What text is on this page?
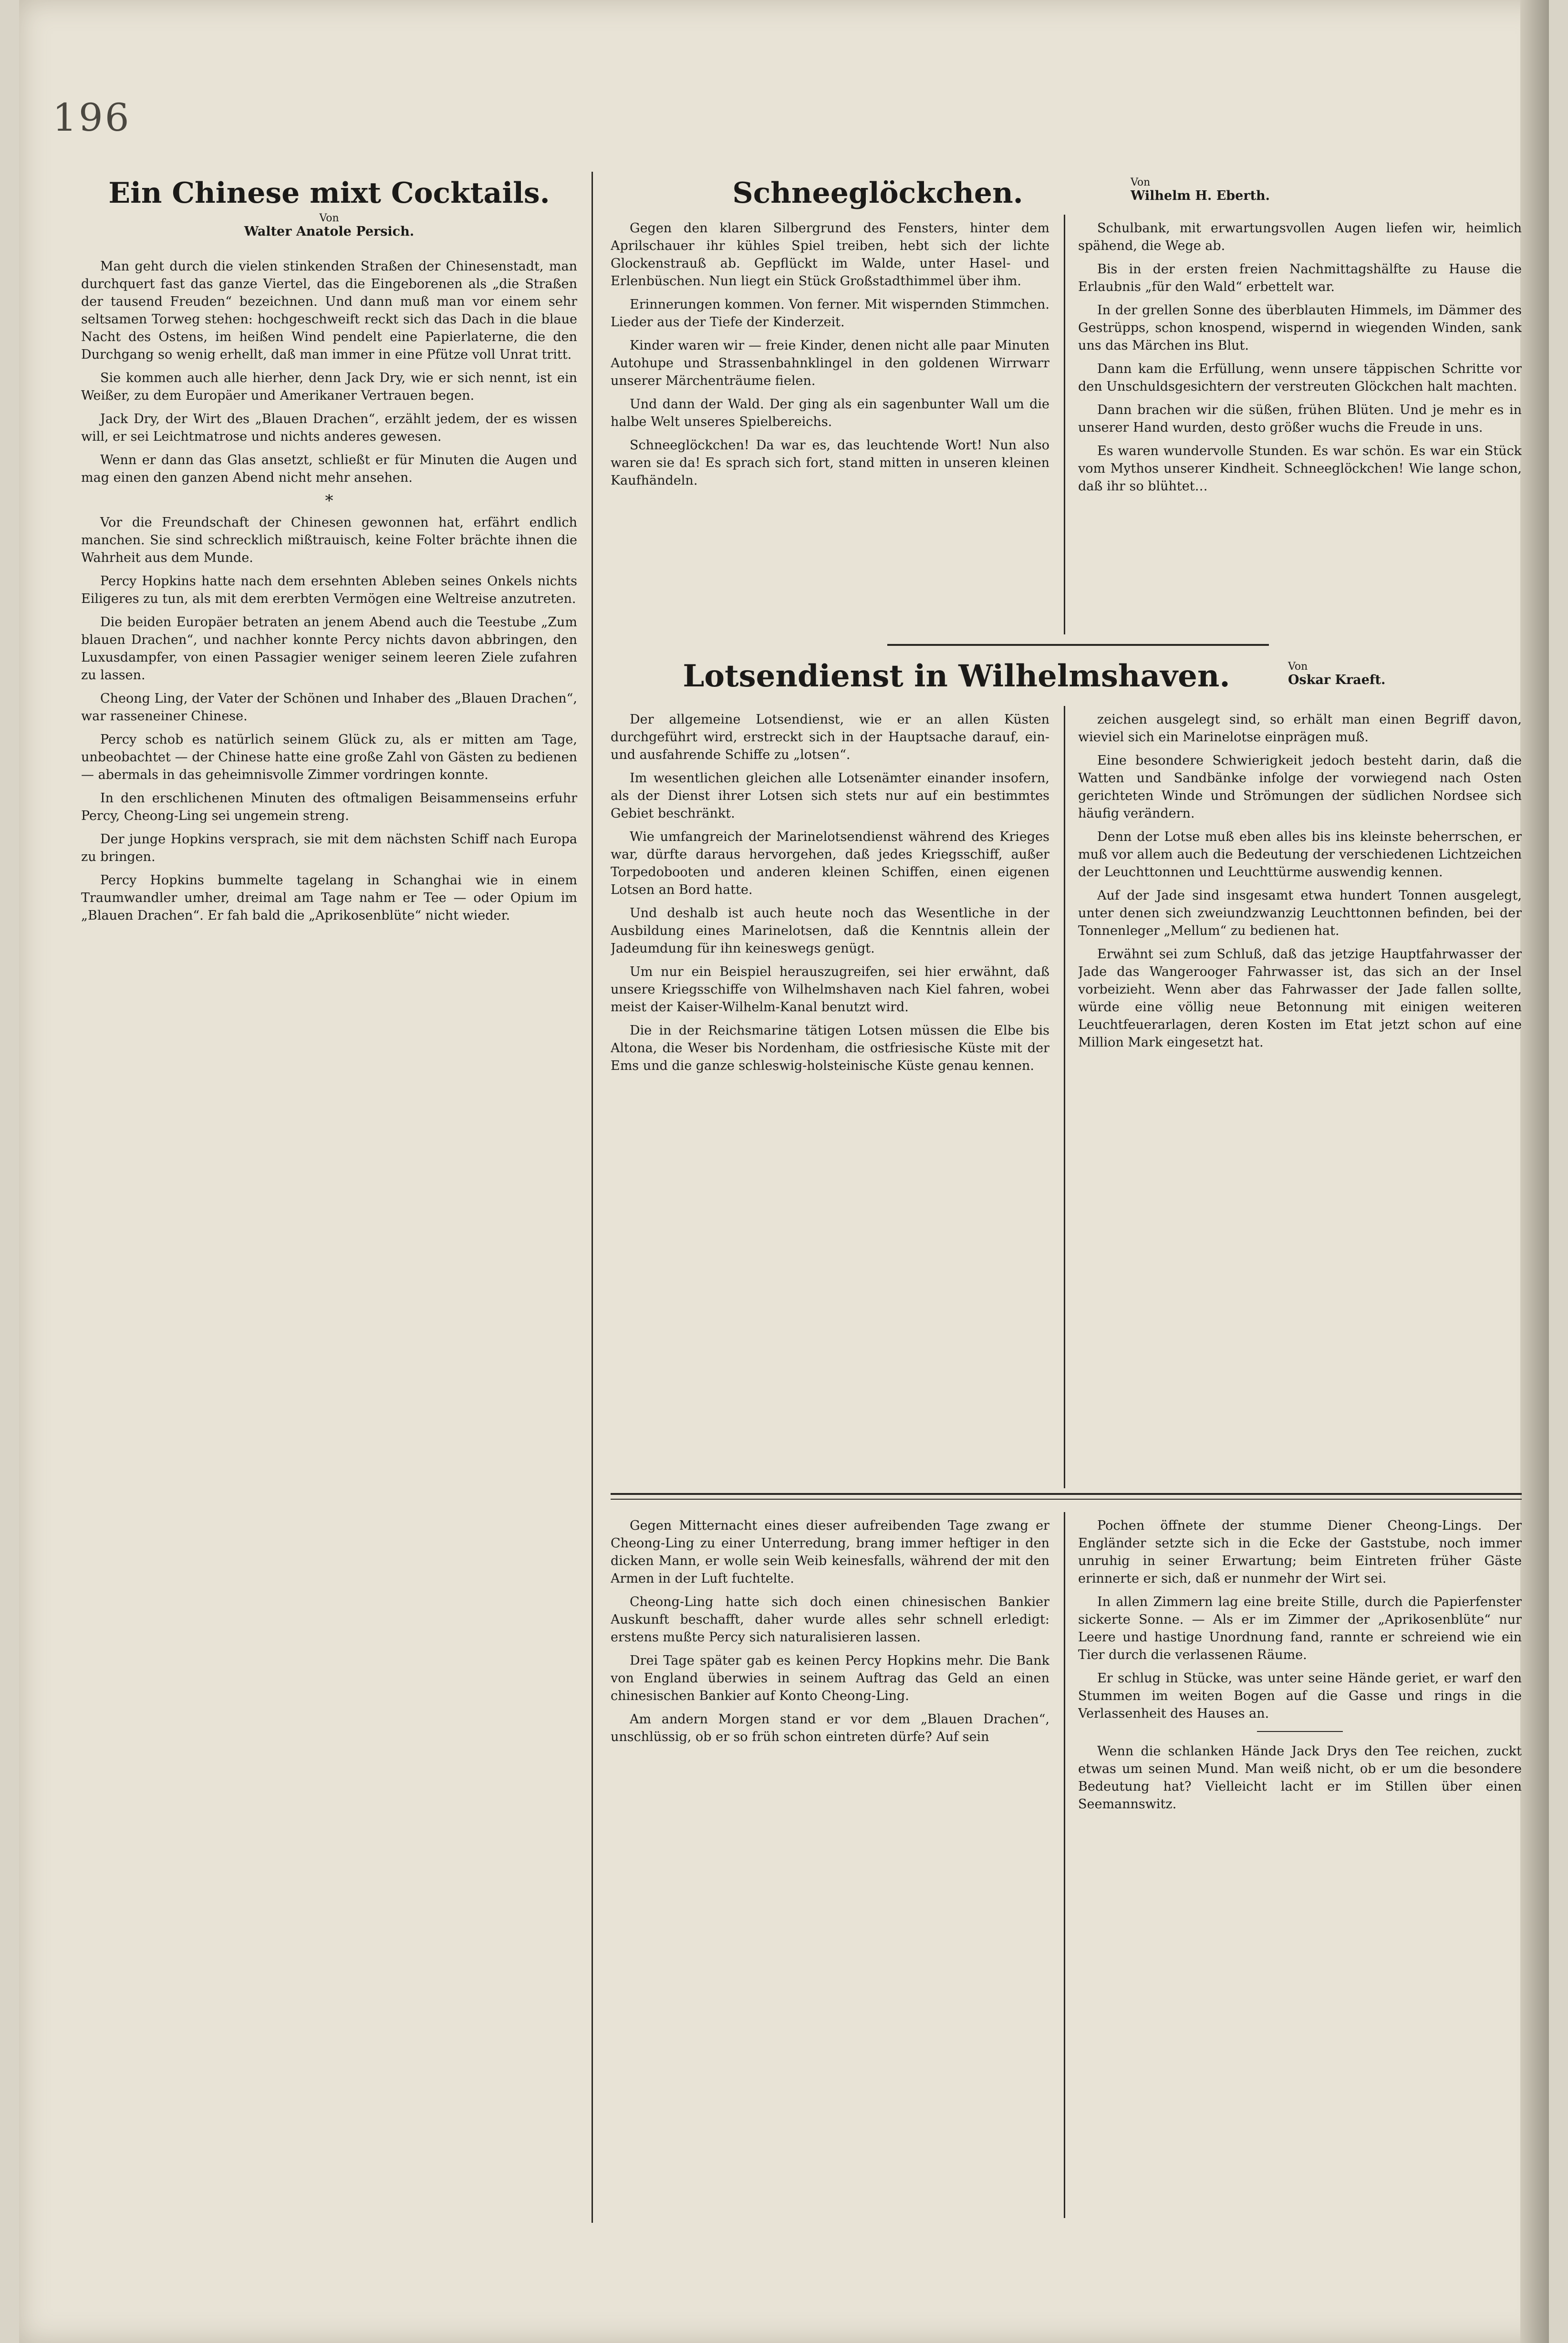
196
Ein Chinese mixt Cocktails.
Von
Walter Anatole Persich.

Man geht durch die vielen stinkenden Straßen der Chinesenstadt, man durchquert fast das ganze Viertel, das die Eingeborenen als „die Straßen der tausend Freuden“ bezeichnen. Und dann muß man vor einem sehr seltsamen Torweg stehen: hochgeschweift reckt sich das Dach in die blaue Nacht des Ostens, im heißen Wind pendelt eine Papierlaterne, die den Durchgang so wenig erhellt, daß man immer in eine Pfütze voll Unrat tritt.

Sie kommen auch alle hierher, denn Jack Dry, wie er sich nennt, ist ein Weißer, zu dem Europäer und Amerikaner Vertrauen begen.

Jack Dry, der Wirt des „Blauen Drachen“, erzählt jedem, der es wissen will, er sei Leichtmatrose und nichts anderes gewesen.

Wenn er dann das Glas ansetzt, schließt er für Minuten die Augen und mag einen den ganzen Abend nicht mehr ansehen.

*

Vor die Freundschaft der Chinesen gewonnen hat, erfährt endlich manchen. Sie sind schrecklich mißtrauisch, keine Folter brächte ihnen die Wahrheit aus dem Munde.

Percy Hopkins hatte nach dem ersehnten Ableben seines Onkels nichts Eiligeres zu tun, als mit dem ererbten Vermögen eine Weltreise anzutreten.

Die beiden Europäer betraten an jenem Abend auch die Teestube „Zum blauen Drachen“, und nachher konnte Percy nichts davon abbringen, den Luxusdampfer, von einen Passagier weniger seinem leeren Ziele zufahren zu lassen.

Cheong Ling, der Vater der Schönen und Inhaber des „Blauen Drachen“, war rasseneiner Chinese.

Percy schob es natürlich seinem Glück zu, als er mitten am Tage, unbeobachtet — der Chinese hatte eine große Zahl von Gästen zu bedienen — abermals in das geheimnisvolle Zimmer vordringen konnte.

In den erschlichenen Minuten des oftmaligen Beisammenseins erfuhr Percy, Cheong-Ling sei ungemein streng.

Der junge Hopkins versprach, sie mit dem nächsten Schiff nach Europa zu bringen.

Percy Hopkins bummelte tagelang in Schanghai wie in einem Traumwandler umher, dreimal am Tage nahm er Tee — oder Opium im „Blauen Drachen“. Er fah bald die „Aprikosenblüte“ nicht wieder.

Schneeglöckchen.	Von
Wilhelm H. Eberth.

Gegen den klaren Silbergrund des Fensters, hinter dem Aprilschauer ihr kühles Spiel treiben, hebt sich der lichte Glockenstrauß ab. Gepflückt im Walde, unter Hasel- und Erlenbüschen. Nun liegt ein Stück Großstadthimmel über ihm.

Erinnerungen kommen. Von ferner. Mit wispernden Stimmchen. Lieder aus der Tiefe der Kinderzeit.

Kinder waren wir — freie Kinder, denen nicht alle paar Minuten Autohupe und Strassenbahnklingel in den goldenen Wirrwarr unserer Märchenträume fielen.

Und dann der Wald. Der ging als ein sagenbunter Wall um die halbe Welt unseres Spielbereichs.

Schneeglöckchen! Da war es, das leuchtende Wort! Nun also waren sie da! Es sprach sich fort, stand mitten in unseren kleinen Kaufhändeln.

Schulbank, mit erwartungsvollen Augen liefen wir, heimlich spähend, die Wege ab.

Bis in der ersten freien Nachmittagshälfte zu Hause die Erlaubnis „für den Wald“ erbettelt war.

In der grellen Sonne des überblauten Himmels, im Dämmer des Gestrüpps, schon knospend, wispernd in wiegenden Winden, sank uns das Märchen ins Blut.

Dann kam die Erfüllung, wenn unsere täppischen Schritte vor den Unschuldsgesichtern der verstreuten Glöckchen halt machten.

Dann brachen wir die süßen, frühen Blüten. Und je mehr es in unserer Hand wurden, desto größer wuchs die Freude in uns.

Es waren wundervolle Stunden. Es war schön. Es war ein Stück vom Mythos unserer Kindheit. Schneeglöckchen! Wie lange schon, daß ihr so blühtet…

Lotsendienst in Wilhelmshaven.	Von
Oskar Kraeft.

Der allgemeine Lotsendienst, wie er an allen Küsten durchgeführt wird, erstreckt sich in der Hauptsache darauf, ein- und ausfahrende Schiffe zu „lotsen“.

Im wesentlichen gleichen alle Lotsenämter einander insofern, als der Dienst ihrer Lotsen sich stets nur auf ein bestimmtes Gebiet beschränkt.

Wie umfangreich der Marinelotsendienst während des Krieges war, dürfte daraus hervorgehen, daß jedes Kriegsschiff, außer Torpedobooten und anderen kleinen Schiffen, einen eigenen Lotsen an Bord hatte.

Und deshalb ist auch heute noch das Wesentliche in der Ausbildung eines Marinelotsen, daß die Kenntnis allein der Jadeumdung für ihn keineswegs genügt.

Um nur ein Beispiel herauszugreifen, sei hier erwähnt, daß unsere Kriegsschiffe von Wilhelmshaven nach Kiel fahren, wobei meist der Kaiser-Wilhelm-Kanal benutzt wird.

Die in der Reichsmarine tätigen Lotsen müssen die Elbe bis Altona, die Weser bis Nordenham, die ostfriesische Küste mit der Ems und die ganze schleswig-holsteinische Küste genau kennen.

zeichen ausgelegt sind, so erhält man einen Begriff davon, wieviel sich ein Marinelotse einprägen muß.

Eine besondere Schwierigkeit jedoch besteht darin, daß die Watten und Sandbänke infolge der vorwiegend nach Osten gerichteten Winde und Strömungen der südlichen Nordsee sich häufig verändern.

Denn der Lotse muß eben alles bis ins kleinste beherrschen, er muß vor allem auch die Bedeutung der verschiedenen Lichtzeichen der Leuchttonnen und Leuchttürme auswendig kennen.

Auf der Jade sind insgesamt etwa hundert Tonnen ausgelegt, unter denen sich zweiundzwanzig Leuchttonnen befinden, bei der Tonnenleger „Mellum“ zu bedienen hat.

Erwähnt sei zum Schluß, daß das jetzige Hauptfahrwasser der Jade das Wangerooger Fahrwasser ist, das sich an der Insel vorbeizieht. Wenn aber das Fahrwasser der Jade fallen sollte, würde eine völlig neue Betonnung mit einigen weiteren Leuchtfeuerarlagen, deren Kosten im Etat jetzt schon auf eine Million Mark eingesetzt hat.

Gegen Mitternacht eines dieser aufreibenden Tage zwang er Cheong-Ling zu einer Unterredung, brang immer heftiger in den dicken Mann, er wolle sein Weib keinesfalls, während der mit den Armen in der Luft fuchtelte.

Cheong-Ling hatte sich doch einen chinesischen Bankier Auskunft beschafft, daher wurde alles sehr schnell erledigt: erstens mußte Percy sich naturalisieren lassen.

Drei Tage später gab es keinen Percy Hopkins mehr. Die Bank von England überwies in seinem Auftrag das Geld an einen chinesischen Bankier auf Konto Cheong-Ling.

Am andern Morgen stand er vor dem „Blauen Drachen“, unschlüssig, ob er so früh schon eintreten dürfe? Auf sein

Pochen öffnete der stumme Diener Cheong-Lings. Der Engländer setzte sich in die Ecke der Gaststube, noch immer unruhig in seiner Erwartung; beim Eintreten früher Gäste erinnerte er sich, daß er nunmehr der Wirt sei.

In allen Zimmern lag eine breite Stille, durch die Papierfenster sickerte Sonne. — Als er im Zimmer der „Aprikosenblüte“ nur Leere und hastige Unordnung fand, rannte er schreiend wie ein Tier durch die verlassenen Räume.

Er schlug in Stücke, was unter seine Hände geriet, er warf den Stummen im weiten Bogen auf die Gasse und rings in die Verlassenheit des Hauses an.

Wenn die schlanken Hände Jack Drys den Tee reichen, zuckt etwas um seinen Mund. Man weiß nicht, ob er um die besondere Bedeutung hat? Vielleicht lacht er im Stillen über einen Seemannswitz.
